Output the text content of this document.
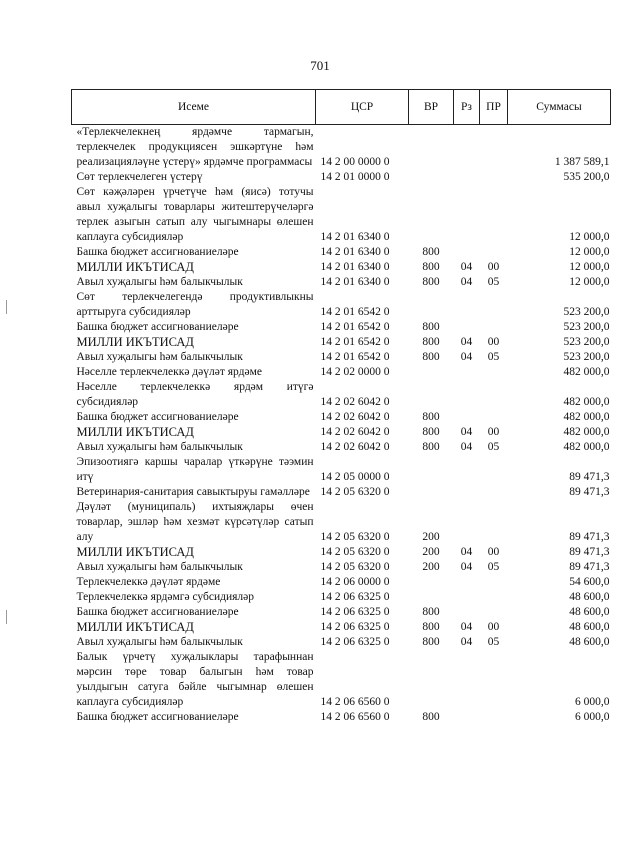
701
Исеме	ЦСР	ВР	Рз	ПР	Суммасы
«Терлекчелекнең ярдәмче тармагын, терлекчелек продукциясен эшкәртүне һәм реализацияләүне үстерү» ярдәмче программасы	14 2 00 0000 0				1 387 589,1
Сөт терлекчелеген үстерү	14 2 01 0000 0				535 200,0
Сөт кәҗәләрен үрчетүче һәм (яисә) тотучы авыл хуҗалыгы товарлары житештерүчеләргә терлек азыгын сатып алу чыгымнары өлешен каплауга субсидияләр	14 2 01 6340 0				12 000,0
Башка бюджет ассигнованиеләре	14 2 01 6340 0	800			12 000,0
МИЛЛИ ИКЪТИСАД	14 2 01 6340 0	800	04	00	12 000,0
Авыл хуҗалыгы һәм балыкчылык	14 2 01 6340 0	800	04	05	12 000,0
Сөт терлекчелегендә продуктивлыкны арттыруга субсидияләр	14 2 01 6542 0				523 200,0
Башка бюджет ассигнованиеләре	14 2 01 6542 0	800			523 200,0
МИЛЛИ ИКЪТИСАД	14 2 01 6542 0	800	04	00	523 200,0
Авыл хуҗалыгы һәм балыкчылык	14 2 01 6542 0	800	04	05	523 200,0
Нәселле терлекчелеккә дәүләт ярдәме	14 2 02 0000 0				482 000,0
Нәселле терлекчелеккә ярдәм итүгә субсидияләр	14 2 02 6042 0				482 000,0
Башка бюджет ассигнованиеләре	14 2 02 6042 0	800			482 000,0
МИЛЛИ ИКЪТИСАД	14 2 02 6042 0	800	04	00	482 000,0
Авыл хуҗалыгы һәм балыкчылык	14 2 02 6042 0	800	04	05	482 000,0
Эпизоотиягә каршы чаралар үткәрүне тәэмин итү	14 2 05 0000 0				89 471,3
Ветеринария-санитария савыктыруы гамәлләре	14 2 05 6320 0				89 471,3
Дәүләт (муниципаль) ихтыяҗлары өчен товарлар, эшләр һәм хезмәт күрсәтүләр сатып алу	14 2 05 6320 0	200			89 471,3
МИЛЛИ ИКЪТИСАД	14 2 05 6320 0	200	04	00	89 471,3
Авыл хуҗалыгы һәм балыкчылык	14 2 05 6320 0	200	04	05	89 471,3
Терлекчелеккә дәүләт ярдәме	14 2 06 0000 0				54 600,0
Терлекчелеккә ярдәмгә субсидияләр	14 2 06 6325 0				48 600,0
Башка бюджет ассигнованиеләре	14 2 06 6325 0	800			48 600,0
МИЛЛИ ИКЪТИСАД	14 2 06 6325 0	800	04	00	48 600,0
Авыл хуҗалыгы һәм балыкчылык	14 2 06 6325 0	800	04	05	48 600,0
Балык үрчетү хуҗалыклары тарафыннан мәрсин төре товар балыгын һәм товар уылдыгын сатуга бәйле чыгымнар өлешен каплауга субсидияләр	14 2 06 6560 0				6 000,0
Башка бюджет ассигнованиеләре	14 2 06 6560 0	800			6 000,0
